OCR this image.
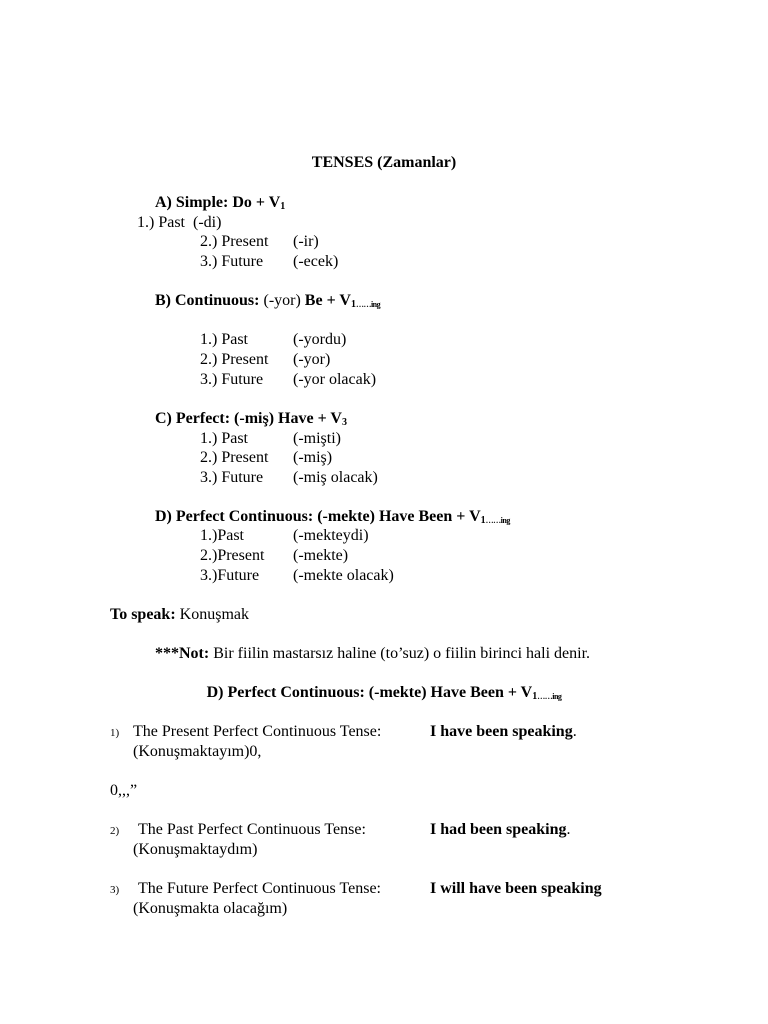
TENSES (Zamanlar)
A) Simple: $Do + V_1$
1.) Past (-di)
2.) Present (-ir)
3.) Future (-ecek)
B) Continuous: (-yor) $Be + V_{1\dots\dots ing}$
1.) Past	(-yordu)
2.) Present (-yor)
3.) Future (-yor olacak)
C) Perfect: (-miş) Have + $V_3$
1.) Past	(-mişti)
2.) Present (-miş)
3.) Future (-miş olacak)
D) Perfect Continuous: (-mekte) Have Been + $V_{1\dots\dots ing}$
1.)Past	(-mekteydi)
2.)Present (-mekte)
3.)Future (-mekte olacak)
To speak: Konuşmak
***Not: Bir fiilin mastarsız haline (to’suz) o fiilin birinci hali denir.
D) Perfect Continuous: (-mekte) Have Been + $V_{1\dots\dots ing}$
1) The Present Perfect Continuous Tense:	I have been speaking.
(Konuşmaktayım)0,
0,,,”
2) The Past Perfect Continuous Tense:	I had been speaking.
(Konuşmaktaydım)
3) The Future Perfect Continuous Tense:	I will have been speaking
(Konuşmakta olacağım)
